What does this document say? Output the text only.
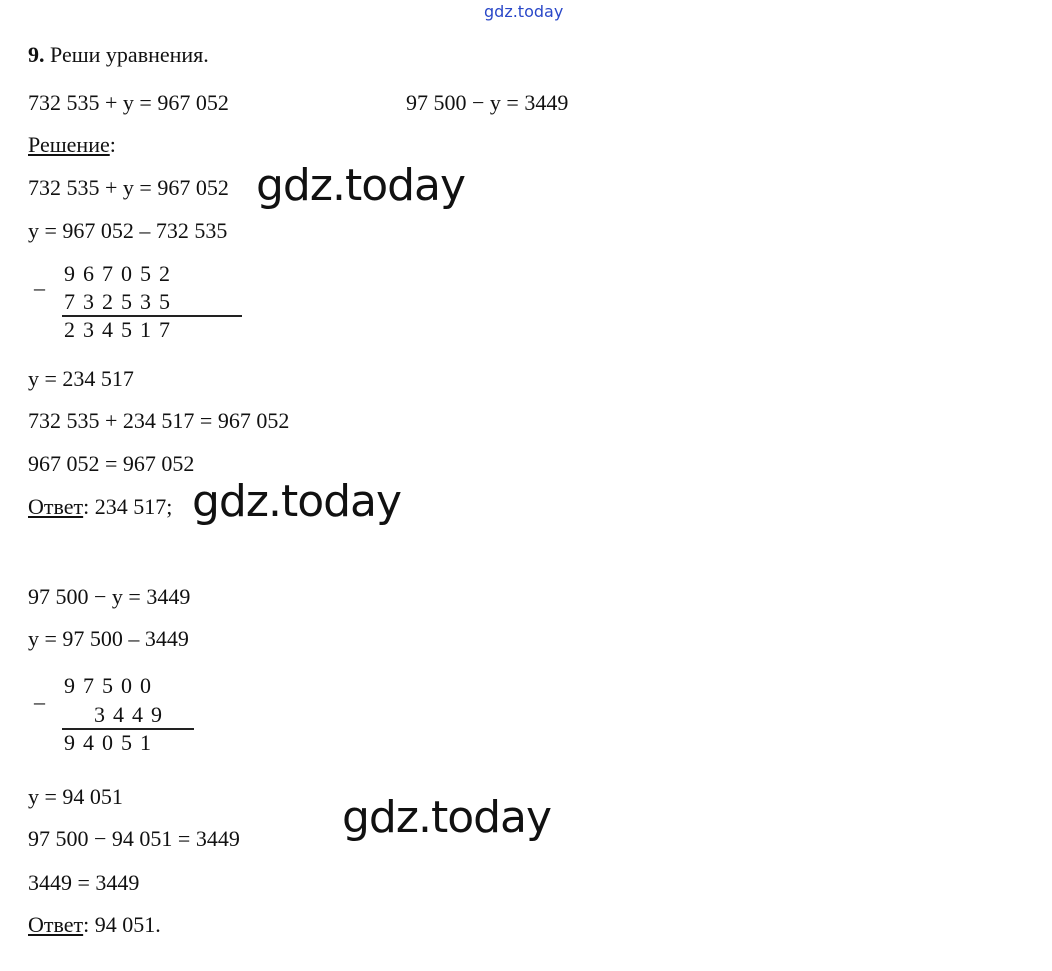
gdz.today
gdz.today
gdz.today
gdz.today
9. Реши уравнения.
732 535 + y = 967 052	97 500 − y = 3449
Решение:
732 535 + y = 967 052
y = 967 052 – 732 535
967052
–
732535
234517
y = 234 517
732 535 + 234 517 = 967 052
967 052 = 967 052
Ответ: 234 517;
97 500 − y = 3449
y = 97 500 – 3449
97500
–
3449
94051
y = 94 051
97 500 − 94 051 = 3449
3449 = 3449
Ответ: 94 051.
